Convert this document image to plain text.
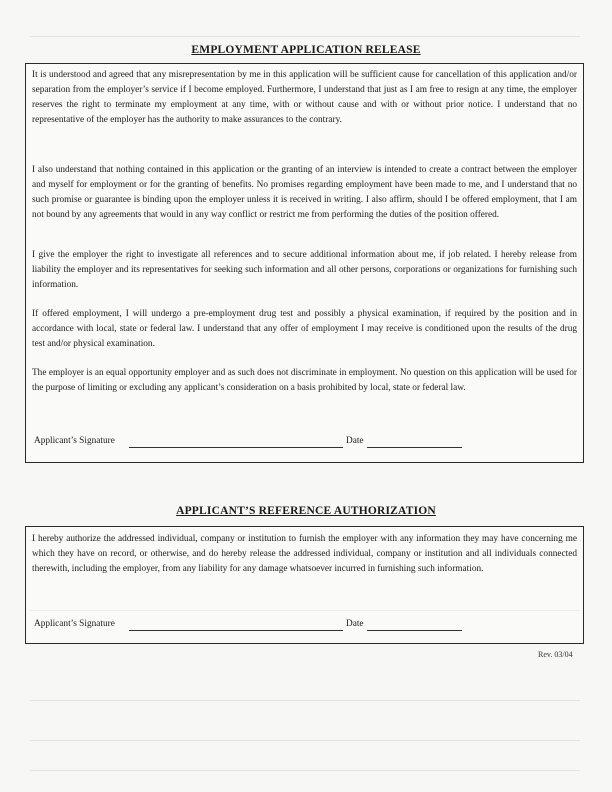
EMPLOYMENT APPLICATION RELEASE
It is understood and agreed that any misrepresentation by me in this application will be sufficient cause for cancellation of this application and/or separation from the employer’s service if I become employed. Furthermore, I understand that just as I am free to resign at any time, the employer reserves the right to terminate my employment at any time, with or without cause and with or without prior notice. I understand that no representative of the employer has the authority to make assurances to the contrary.
I also understand that nothing contained in this application or the granting of an interview is intended to create a contract between the employer and myself for employment or for the granting of benefits. No promises regarding employment have been made to me, and I understand that no such promise or guarantee is binding upon the employer unless it is received in writing. I also affirm, should I be offered employment, that I am not bound by any agreements that would in any way conflict or restrict me from performing the duties of the position offered.
I give the employer the right to investigate all references and to secure additional information about me, if job related. I hereby release from liability the employer and its representatives for seeking such information and all other persons, corporations or organizations for furnishing such information.
If offered employment, I will undergo a pre-employment drug test and possibly a physical examination, if required by the position and in accordance with local, state or federal law. I understand that any offer of employment I may receive is conditioned upon the results of the drug test and/or physical examination.
The employer is an equal opportunity employer and as such does not discriminate in employment. No question on this application will be used for the purpose of limiting or excluding any applicant’s consideration on a basis prohibited by local, state or federal law.
Applicant’s Signature	Date
APPLICANT’S REFERENCE AUTHORIZATION
I hereby authorize the addressed individual, company or institution to furnish the employer with any information they may have concerning me which they have on record, or otherwise, and do hereby release the addressed individual, company or institution and all individuals connected therewith, including the employer, from any liability for any damage whatsoever incurred in furnishing such information.
Applicant’s Signature	Date
Rev. 03/04
